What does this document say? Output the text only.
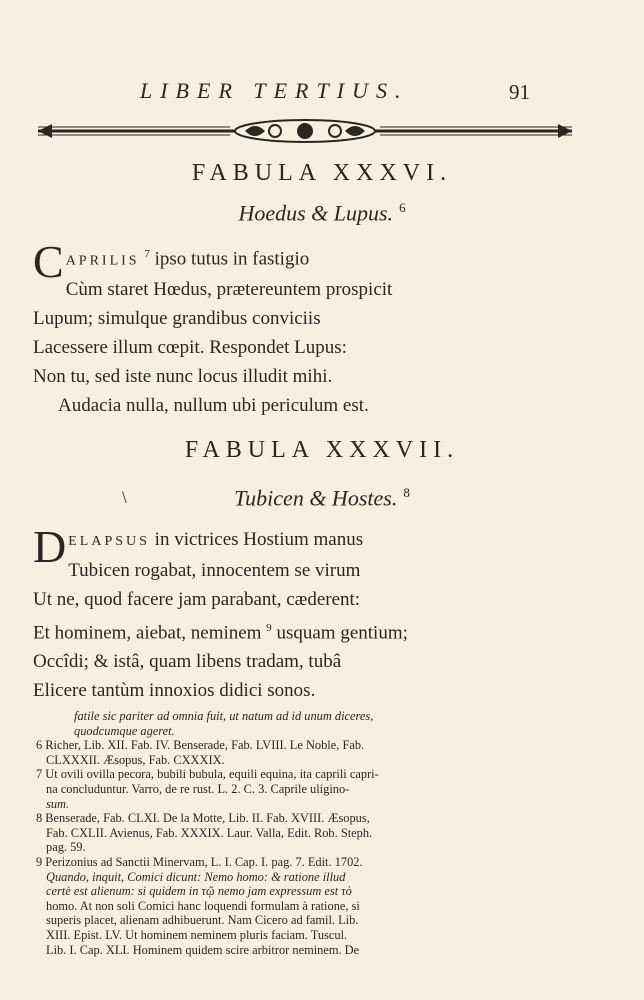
LIBER TERTIUS.	91
FABULA XXXVI.
Hoedus & Lupus. $^6$
C APRILIS $^7$ ipso tutus in fastigio
Cùm staret Hœdus, prætereuntem prospicit
Lupum; simulque grandibus conviciis
Lacessere illum cœpit. Respondet Lupus:
Non tu, sed iste nunc locus illudit mihi.
Audacia nulla, nullum ubi periculum est.
FABULA XXXVII.
\	Tubicen & Hostes. $^8$
D ELAPSUS in victrices Hostium manus
Tubicen rogabat, innocentem se virum
Ut ne, quod facere jam parabant, cæderent:
Et hominem, aiebat, neminem $^9$ usquam gentium;
Occîdi; & istâ, quam libens tradam, tubâ
Elicere tantùm innoxios didici sonos.
fatile sic pariter ad omnia fuit, ut natum ad id unum diceres,
quodcumque ageret.
6 Richer, Lib. XII. Fab. IV. Benserade, Fab. LVIII. Le Noble, Fab.
CLXXXII. Æsopus, Fab. CXXXIX.
7 Ut ovili ovilla pecora, bubili bubula, equili equina, ita caprili capri-
na concluduntur. Varro, de re rust. L. 2. C. 3. Caprile uligino-
sum.
8 Benserade, Fab. CLXI. De la Motte, Lib. II. Fab. XVIII. Æsopus,
Fab. CXLII. Avienus, Fab. XXXIX. Laur. Valla, Edit. Rob. Steph.
pag. 59.
9 Perizonius ad Sanctii Minervam, L. I. Cap. I. pag. 7. Edit. 1702.
Quando, inquit, Comici dicunt: Nemo homo: & ratione illud
certè est alienum: si quidem in τῷ nemo jam expressum est τὸ
homo. At non soli Comici hanc loquendi formulam à ratione, si
superis placet, alienam adhibuerunt. Nam Cicero ad famil. Lib.
XIII. Epist. LV. Ut hominem neminem pluris faciam. Tuscul.
Lib. I. Cap. XLI. Hominem quidem scire arbitror neminem. De
